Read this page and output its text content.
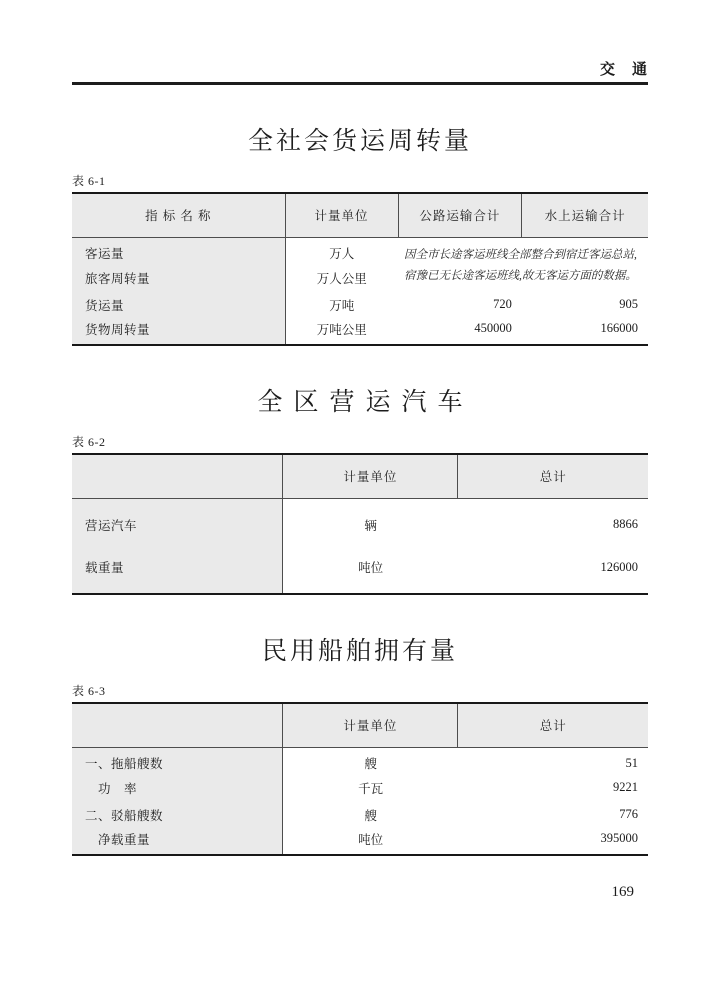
交　通
全社会货运周转量
表 6-1
指 标 名 称	计量单位	公路运输合计	水上运输合计
客运量	万人	因全市长途客运班线全部整合到宿迁客运总站,宿豫已无长途客运班线,故无客运方面的数据。	
旅客周转量	万人公里		
货运量	万吨	720	905
货物周转量	万吨公里	450000	166000
全区营运汽车
表 6-2
	计量单位	总计
营运汽车	辆	8866
载重量	吨位	126000
民用船舶拥有量
表 6-3
	计量单位	总计
一、拖船艘数	艘	51
　功　率	千瓦	9221
二、驳船艘数	艘	776
　净载重量	吨位	395000
169
